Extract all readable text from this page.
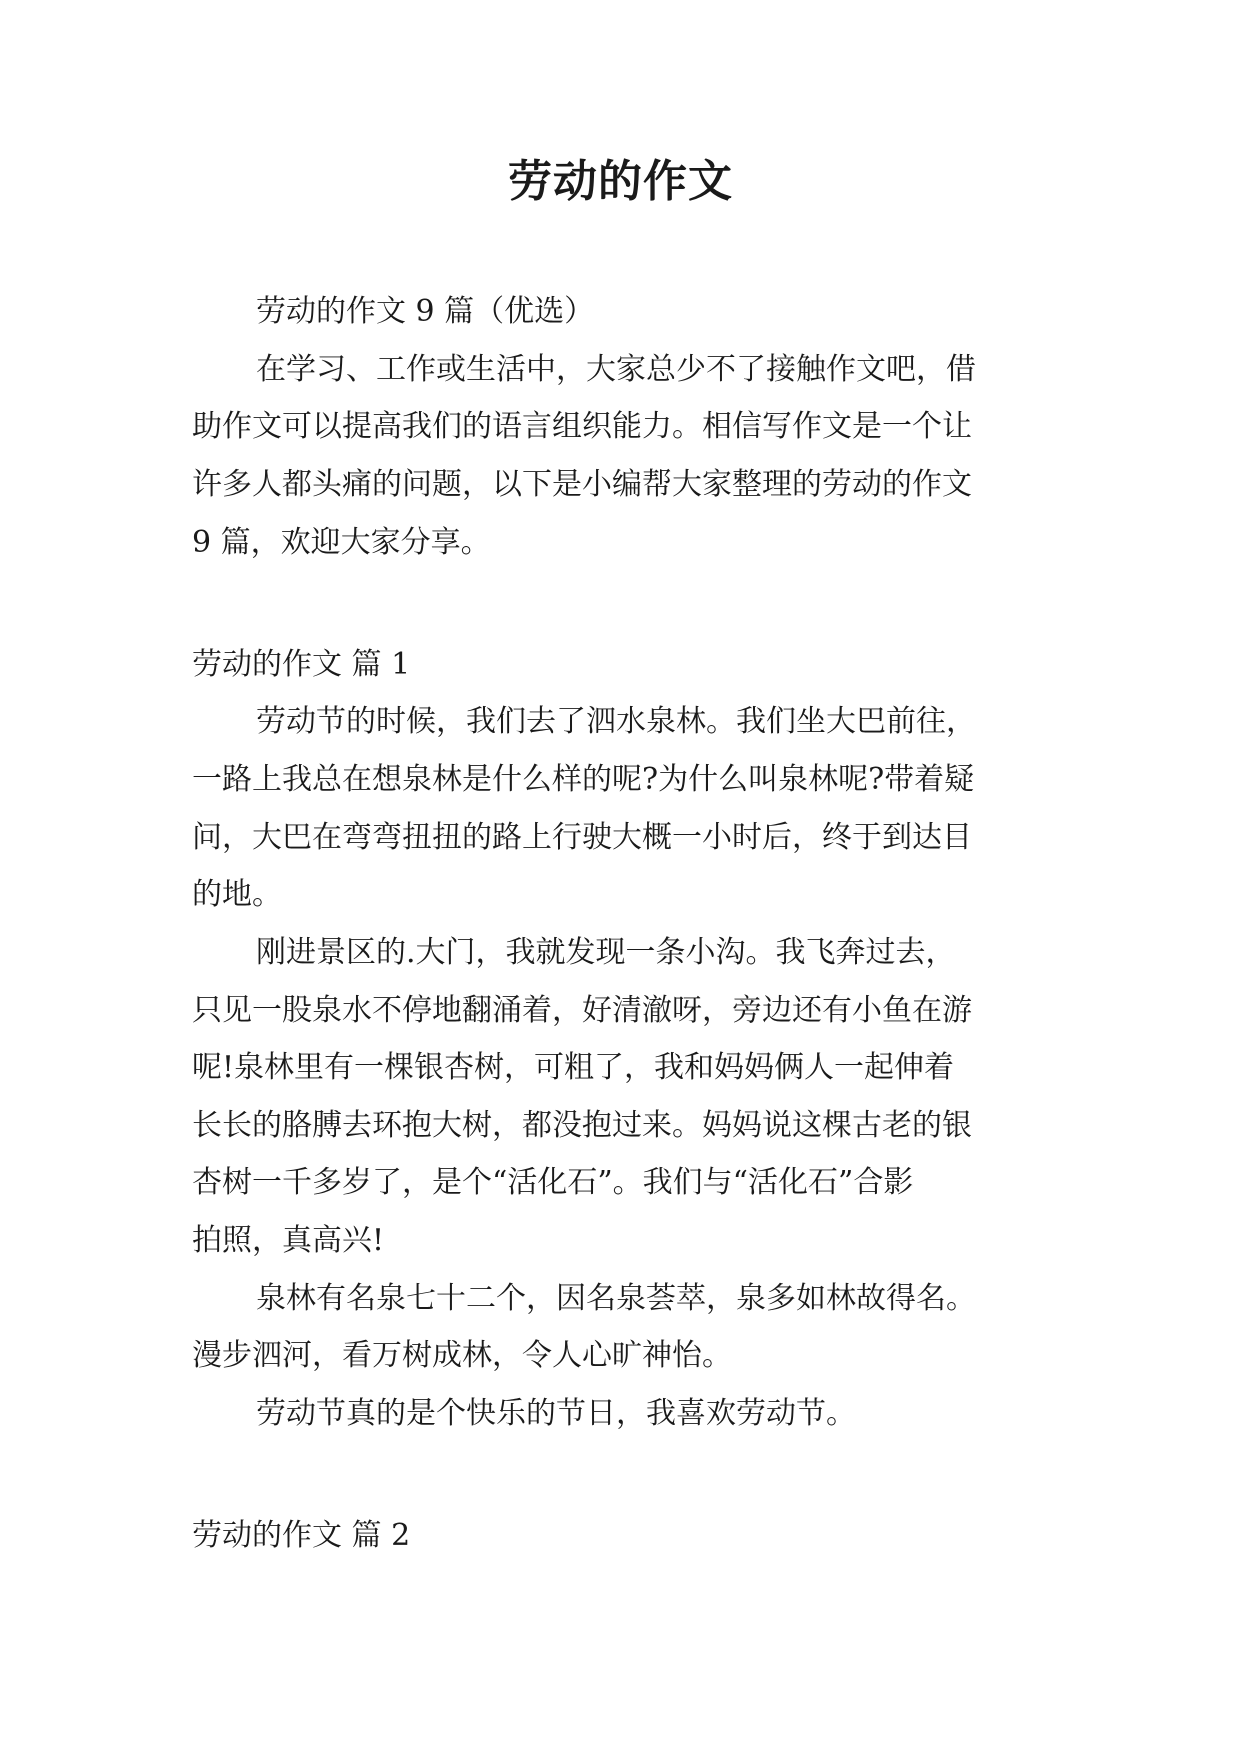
劳动的作文
劳动的作文 9 篇（优选）
在学习、工作或生活中，大家总少不了接触作文吧，借
助作文可以提高我们的语言组织能力。相信写作文是一个让
许多人都头痛的问题，以下是小编帮大家整理的劳动的作文
9 篇，欢迎大家分享。
劳动的作文 篇 1
劳动节的时候，我们去了泗水泉林。我们坐大巴前往，
一路上我总在想泉林是什么样的呢?为什么叫泉林呢?带着疑
问，大巴在弯弯扭扭的路上行驶大概一小时后，终于到达目
的地。
刚进景区的.大门，我就发现一条小沟。我飞奔过去，
只见一股泉水不停地翻涌着，好清澈呀，旁边还有小鱼在游
呢!泉林里有一棵银杏树，可粗了，我和妈妈俩人一起伸着
长长的胳膊去环抱大树，都没抱过来。妈妈说这棵古老的银
杏树一千多岁了，是个“活化石”。我们与“活化石”合影
拍照，真高兴!
泉林有名泉七十二个，因名泉荟萃，泉多如林故得名。
漫步泗河，看万树成林，令人心旷神怡。
劳动节真的是个快乐的节日，我喜欢劳动节。
劳动的作文 篇 2
